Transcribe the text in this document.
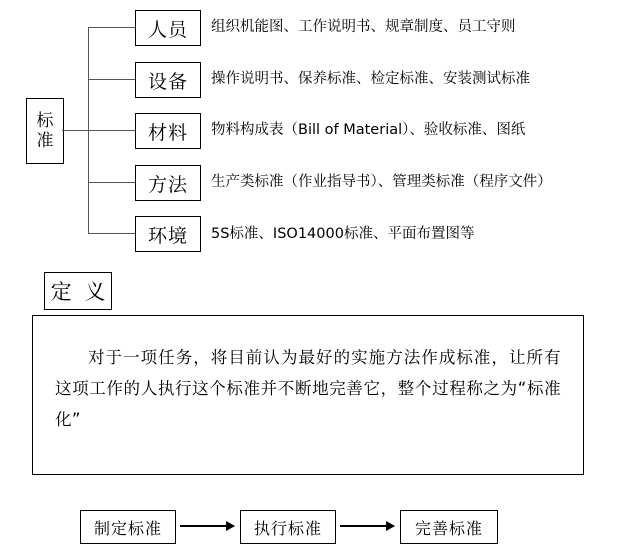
标准
人员 组织机能图、工作说明书、规章制度、员工守则
设备 操作说明书、保养标准、检定标准、安装测试标准
材料 物料构成表（Bill of Material）、验收标准、图纸
方法 生产类标准（作业指导书）、管理类标准（程序文件）
环境 5S标准、ISO14000标准、平面布置图等
定 义

对于一项任务，将目前认为最好的实施方法作成标准，让所有这项工作的人执行这个标准并不断地完善它，整个过程称之为“标准化”

制定标准	执行标准	完善标准
